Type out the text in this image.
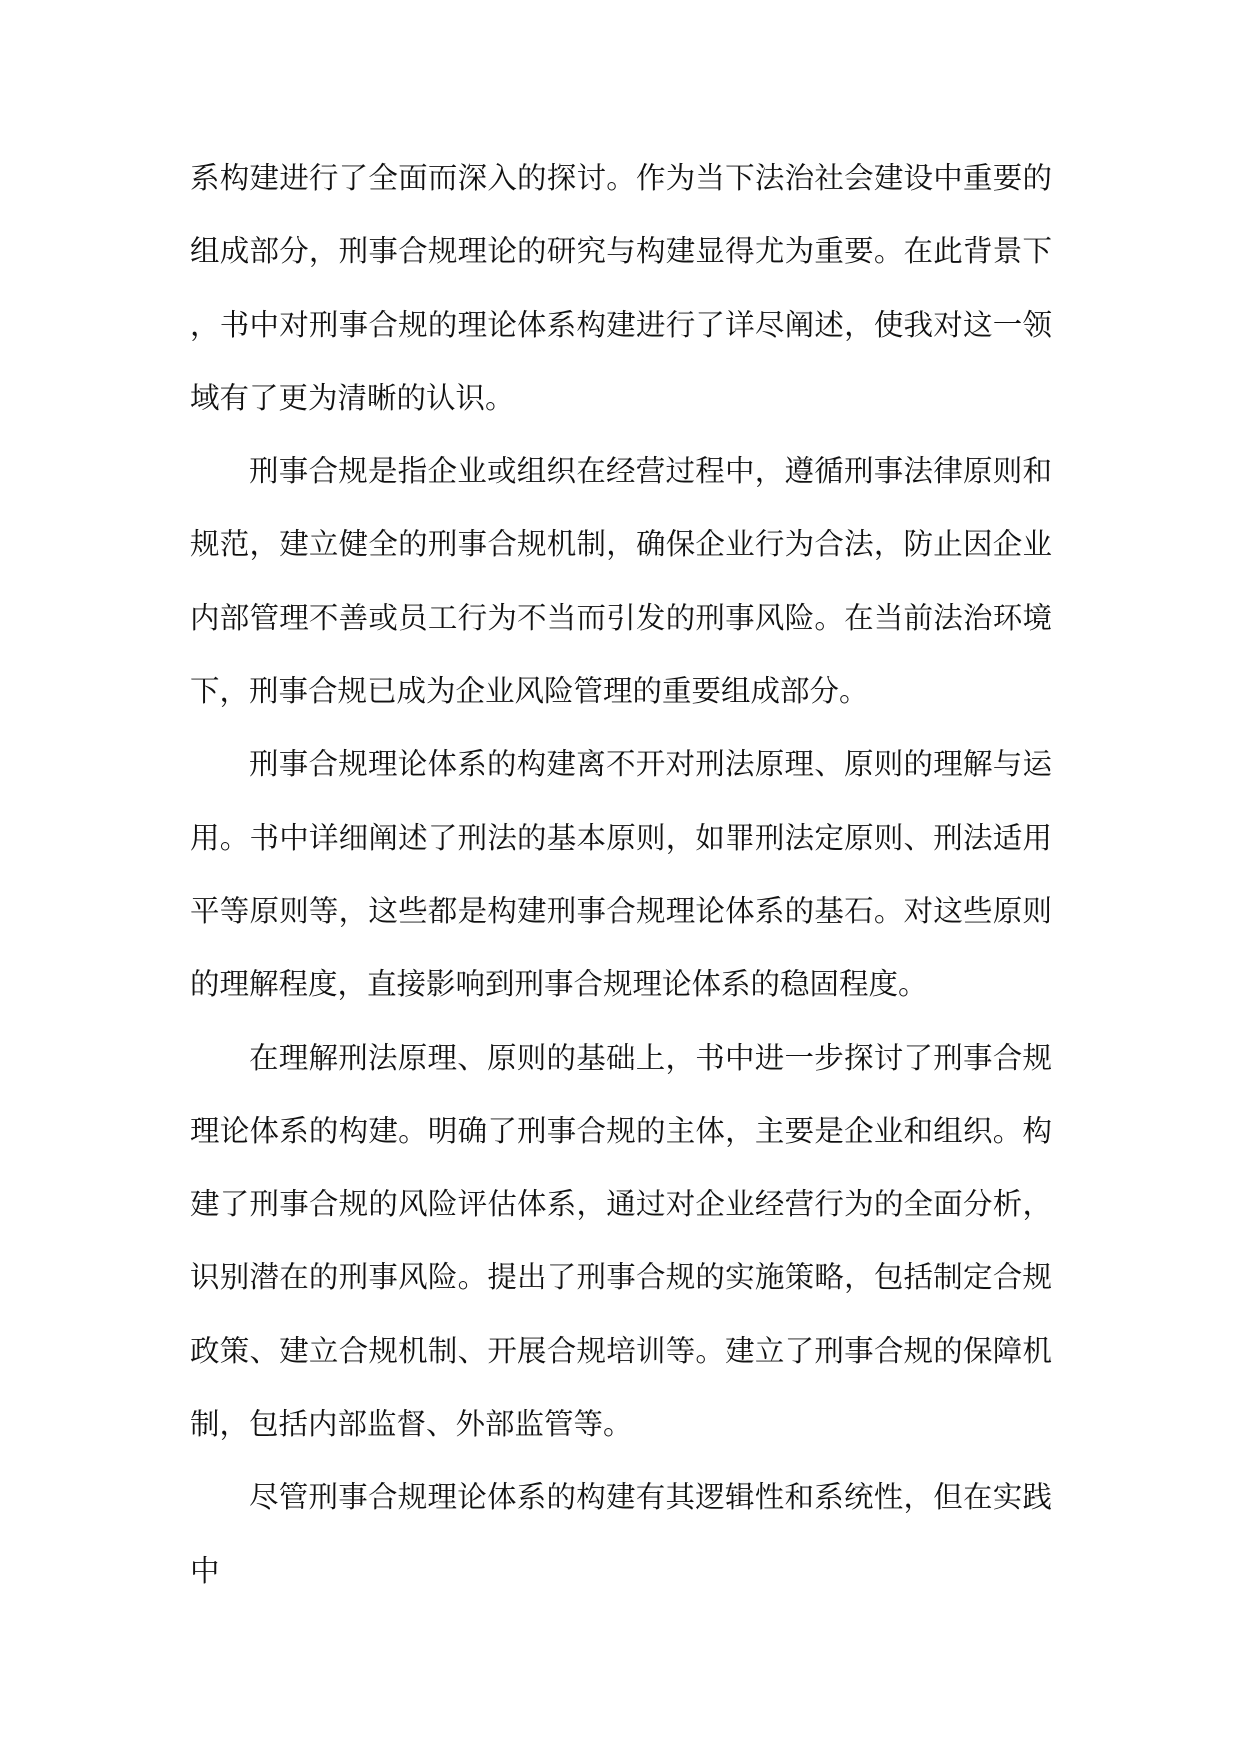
系构建进行了全面而深入的探讨。作为当下法治社会建设中重要的组成部分，刑事合规理论的研究与构建显得尤为重要。在此背景下，书中对刑事合规的理论体系构建进行了详尽阐述，使我对这一领域有了更为清晰的认识。

刑事合规是指企业或组织在经营过程中，遵循刑事法律原则和规范，建立健全的刑事合规机制，确保企业行为合法，防止因企业内部管理不善或员工行为不当而引发的刑事风险。在当前法治环境下，刑事合规已成为企业风险管理的重要组成部分。

刑事合规理论体系的构建离不开对刑法原理、原则的理解与运用。书中详细阐述了刑法的基本原则，如罪刑法定原则、刑法适用平等原则等，这些都是构建刑事合规理论体系的基石。对这些原则的理解程度，直接影响到刑事合规理论体系的稳固程度。

在理解刑法原理、原则的基础上，书中进一步探讨了刑事合规理论体系的构建。明确了刑事合规的主体，主要是企业和组织。构建了刑事合规的风险评估体系，通过对企业经营行为的全面分析，识别潜在的刑事风险。提出了刑事合规的实施策略，包括制定合规政策、建立合规机制、开展合规培训等。建立了刑事合规的保障机制，包括内部监督、外部监管等。

尽管刑事合规理论体系的构建有其逻辑性和系统性，但在实践中
